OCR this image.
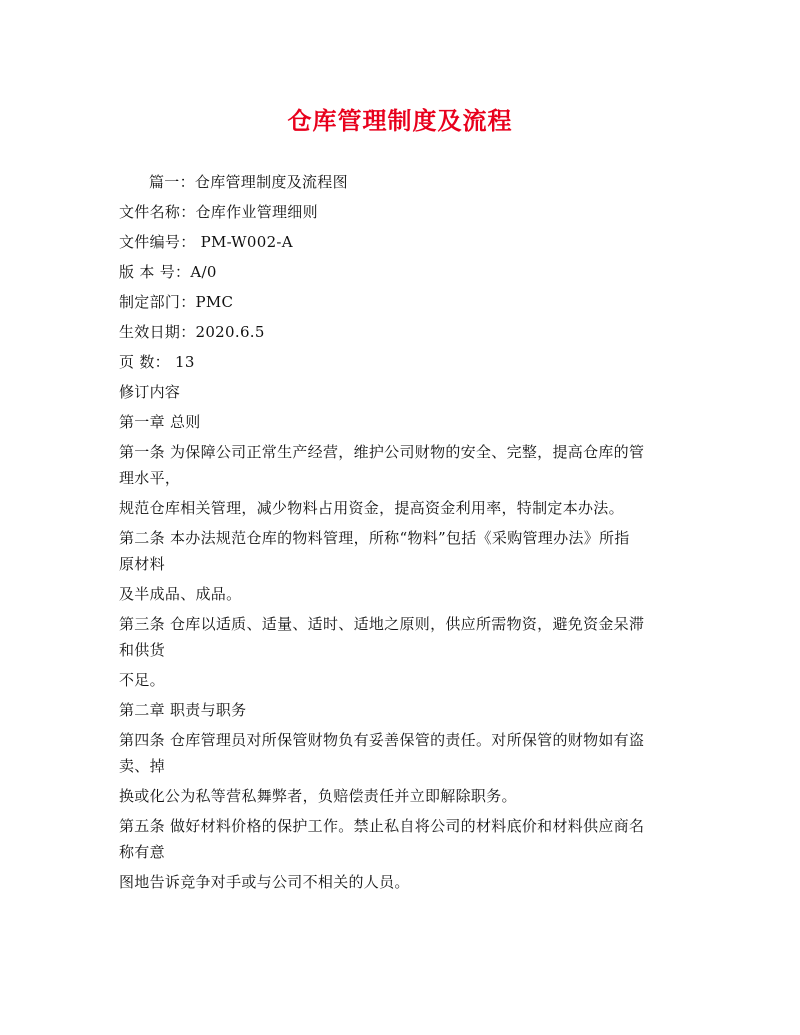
仓库管理制度及流程
篇一：仓库管理制度及流程图
文件名称：仓库作业管理细则
文件编号： PM-W002-A
版 本 号：A/0
制定部门：PMC
生效日期：2020.6.5
页 数： 13
修订内容
第一章 总则
第一条 为保障公司正常生产经营，维护公司财物的安全、完整，提高仓库的管
理水平，
规范仓库相关管理，减少物料占用资金，提高资金利用率，特制定本办法。
第二条 本办法规范仓库的物料管理，所称“物料”包括《采购管理办法》所指
原材料
及半成品、成品。
第三条 仓库以适质、适量、适时、适地之原则，供应所需物资，避免资金呆滞
和供货
不足。
第二章 职责与职务
第四条 仓库管理员对所保管财物负有妥善保管的责任。对所保管的财物如有盗
卖、掉
换或化公为私等营私舞弊者，负赔偿责任并立即解除职务。
第五条 做好材料价格的保护工作。禁止私自将公司的材料底价和材料供应商名
称有意
图地告诉竞争对手或与公司不相关的人员。
